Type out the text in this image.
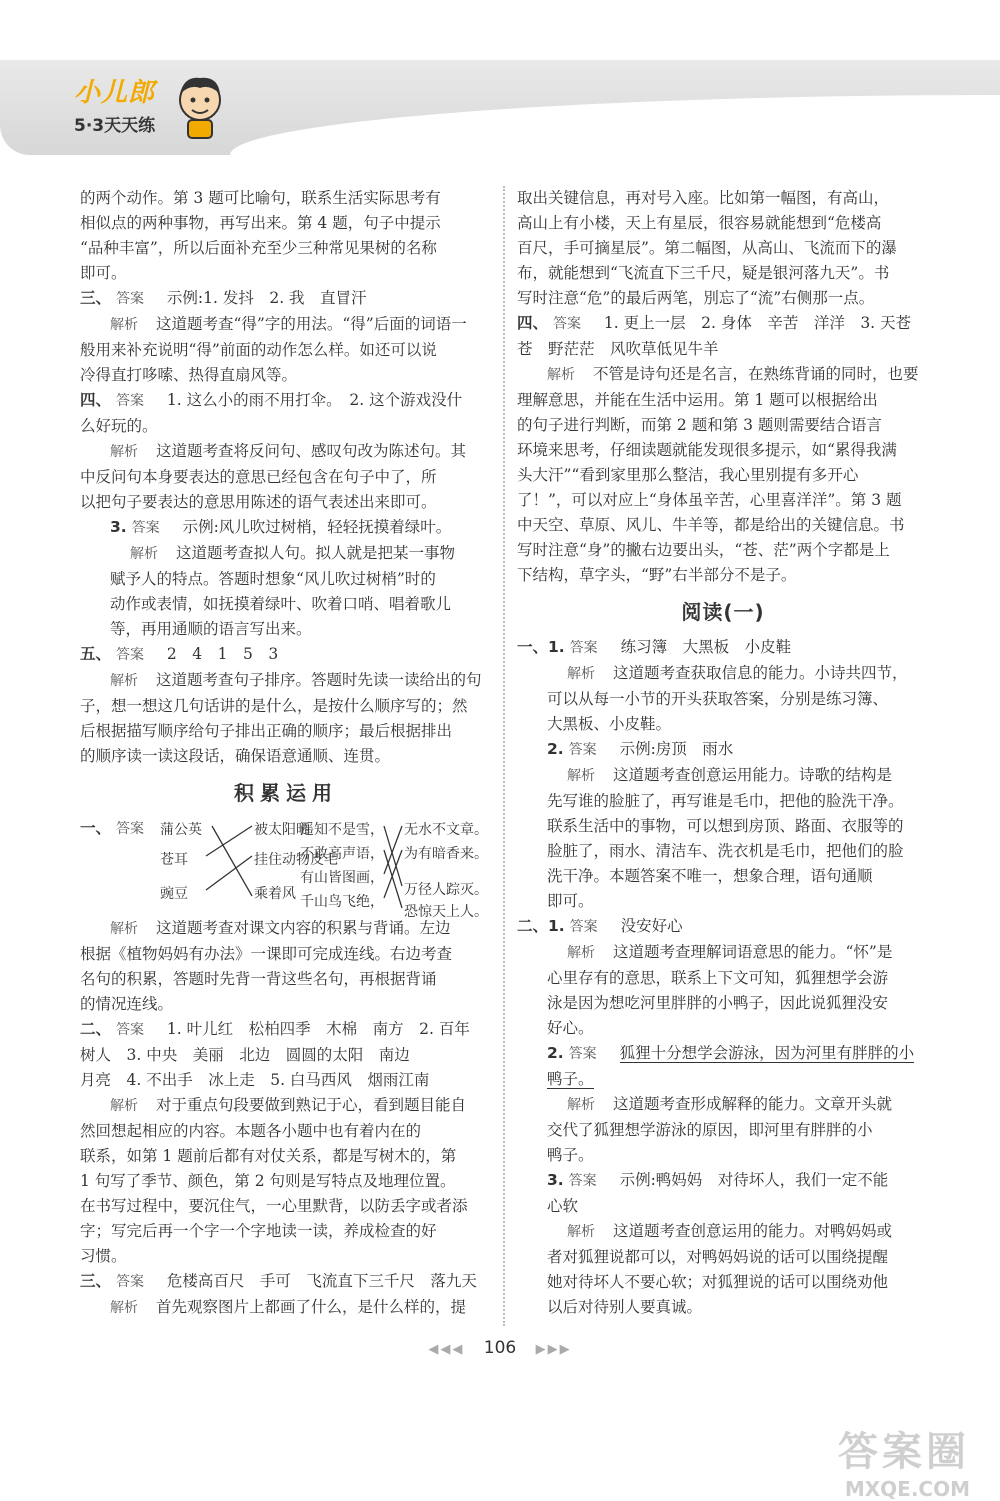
小儿郎
5·3天天练
的两个动作。第 3 题可比喻句，联系生活实际思考有
相似点的两种事物，再写出来。第 4 题，句子中提示
“品种丰富”，所以后面补充至少三种常见果树的名称
即可。
三、 答案 示例:1. 发抖　2. 我　直冒汗
解析 这道题考查“得”字的用法。“得”后面的词语一
般用来补充说明“得”前面的动作怎么样。如还可以说
冷得直打哆嗦、热得直扇风等。
四、 答案 1. 这么小的雨不用打伞。　2. 这个游戏没什
么好玩的。
解析 这道题考查将反问句、感叹句改为陈述句。其
中反问句本身要表达的意思已经包含在句子中了，所
以把句子要表达的意思用陈述的语气表述出来即可。
3. 答案 示例:风儿吹过树梢，轻轻抚摸着绿叶。
解析 这道题考查拟人句。拟人就是把某一事物
赋予人的特点。答题时想象“风儿吹过树梢”时的
动作或表情，如抚摸着绿叶、吹着口哨、唱着歌儿
等，再用通顺的语言写出来。
五、 答案 2　4　1　5　3
解析 这道题考查句子排序。答题时先读一读给出的句
子，想一想这几句话讲的是什么，是按什么顺序写的；然
后根据描写顺序给句子排出正确的顺序；最后根据排出
的顺序读一读这段话，确保语意通顺、连贯。
积累运用
一、 答案	蒲公英
苍耳
豌豆
被太阳晒
挂住动物皮毛
乘着风
遥知不是雪，
不敢高声语，
有山皆图画，
千山鸟飞绝，
无水不文章。
为有暗香来。
万径人踪灭。
恐惊天上人。
解析 这道题考查对课文内容的积累与背诵。左边
根据《植物妈妈有办法》一课即可完成连线。右边考查
名句的积累，答题时先背一背这些名句，再根据背诵
的情况连线。
二、 答案 1. 叶儿红　松柏四季　木棉　南方　2. 百年
树人　3. 中央　美丽　北边　圆圆的太阳　南边
月亮　4. 不出手　冰上走　5. 白马西风　烟雨江南
解析 对于重点句段要做到熟记于心，看到题目能自
然回想起相应的内容。本题各小题中也有着内在的
联系，如第 1 题前后都有对仗关系，都是写树木的，第
1 句写了季节、颜色，第 2 句则是写特点及地理位置。
在书写过程中，要沉住气，一心里默背，以防丢字或者添
字；写完后再一个字一个字地读一读，养成检查的好
习惯。
三、 答案 危楼高百尺　手可　飞流直下三千尺　落九天
解析 首先观察图片上都画了什么，是什么样的，提
取出关键信息，再对号入座。比如第一幅图，有高山，
高山上有小楼，天上有星辰，很容易就能想到“危楼高
百尺，手可摘星辰”。第二幅图，从高山、飞流而下的瀑
布，就能想到“飞流直下三千尺，疑是银河落九天”。书
写时注意“危”的最后两笔，別忘了“流”右侧那一点。
四、 答案 1. 更上一层　2. 身体　辛苦　洋洋　3. 天苍
苍　野茫茫　风吹草低见牛羊
解析 不管是诗句还是名言，在熟练背诵的同时，也要
理解意思，并能在生活中运用。第 1 题可以根据给出
的句子进行判断，而第 2 题和第 3 题则需要结合语言
环境来思考，仔细读题就能发现很多提示，如“累得我满
头大汗”“看到家里那么整洁，我心里别提有多开心
了！”，可以对应上“身体虽辛苦，心里喜洋洋”。第 3 题
中天空、草原、风儿、牛羊等，都是给出的关键信息。书
写时注意“身”的撇右边要出头，“苍、茫”两个字都是上
下结构，草字头，“野”右半部分不是子。
阅读(一)
一、1. 答案 练习簿　大黑板　小皮鞋
解析 这道题考查获取信息的能力。小诗共四节，
可以从每一小节的开头获取答案，分别是练习簿、
大黑板、小皮鞋。
2. 答案 示例:房顶　雨水
解析 这道题考查创意运用能力。诗歌的结构是
先写谁的脸脏了，再写谁是毛巾，把他的脸洗干净。
联系生活中的事物，可以想到房顶、路面、衣服等的
脸脏了，雨水、清洁车、洗衣机是毛巾，把他们的脸
洗干净。本题答案不唯一，想象合理，语句通顺
即可。
二、1. 答案 没安好心
解析 这道题考查理解词语意思的能力。“怀”是
心里存有的意思，联系上下文可知，狐狸想学会游
泳是因为想吃河里胖胖的小鸭子，因此说狐狸没安
好心。
2. 答案 狐狸十分想学会游泳，因为河里有胖胖的小
鸭子。
解析 这道题考查形成解释的能力。文章开头就
交代了狐狸想学游泳的原因，即河里有胖胖的小
鸭子。
3. 答案 示例:鸭妈妈　对待坏人，我们一定不能
心软
解析 这道题考查创意运用的能力。对鸭妈妈或
者对狐狸说都可以，对鸭妈妈说的话可以围绕提醒
她对待坏人不要心软；对狐狸说的话可以围绕劝他
以后对待别人要真诚。
◀◀◀ 106 ▶▶▶
答案圈
MXQE.COM
